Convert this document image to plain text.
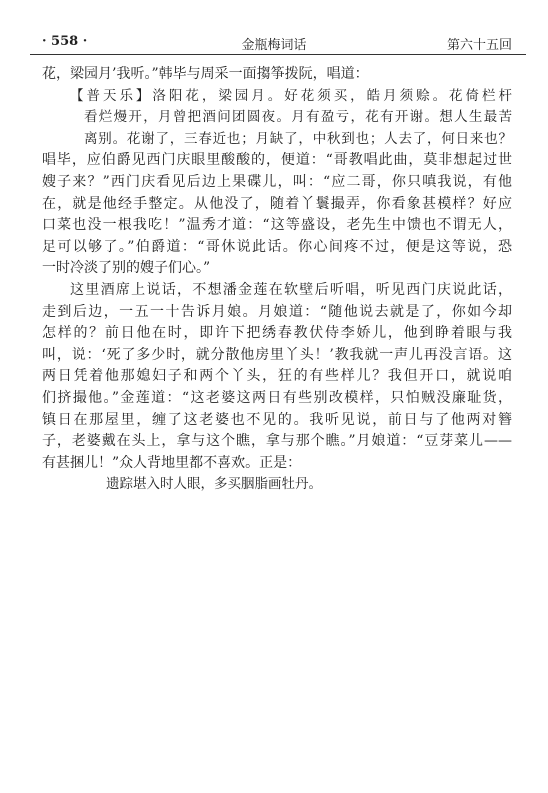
· 558 ·	金瓶梅词话	第六十五回
花，梁园月’我听。”韩毕与周采一面搊筝拨阮，唱道：
【普天乐】洛阳花，梁园月。好花须买，皓月须赊。花倚栏杆
看烂熳开，月曾把酒问团圆夜。月有盈亏，花有开谢。想人生最苦
离别。花谢了，三春近也；月缺了，中秋到也；人去了，何日来也？
唱毕，应伯爵见西门庆眼里酸酸的，便道：“哥教唱此曲，莫非想起过世
嫂子来？”西门庆看见后边上果碟儿，叫：“应二哥，你只嗔我说，有他
在，就是他经手整定。从他没了，随着丫鬟撮弄，你看象甚模样？好应
口菜也没一根我吃！”温秀才道：“这等盛设，老先生中馈也不谓无人，
足可以够了。”伯爵道：“哥休说此话。你心间疼不过，便是这等说，恐
一时冷淡了别的嫂子们心。”
这里酒席上说话，不想潘金莲在软壁后听唱，听见西门庆说此话，
走到后边，一五一十告诉月娘。月娘道：“随他说去就是了，你如今却
怎样的？前日他在时，即许下把绣春教伏侍李娇儿，他到睁着眼与我
叫，说：‘死了多少时，就分散他房里丫头！’教我就一声儿再没言语。这
两日凭着他那媳妇子和两个丫头，狂的有些样儿？我但开口，就说咱
们挤撮他。”金莲道：“这老婆这两日有些别改模样，只怕贼没廉耻货，
镇日在那屋里，缠了这老婆也不见的。我听见说，前日与了他两对簪
子，老婆戴在头上，拿与这个瞧，拿与那个瞧。”月娘道：“豆芽菜儿——
有甚捆儿！”众人背地里都不喜欢。正是：
遗踪堪入时人眼，多买胭脂画牡丹。
